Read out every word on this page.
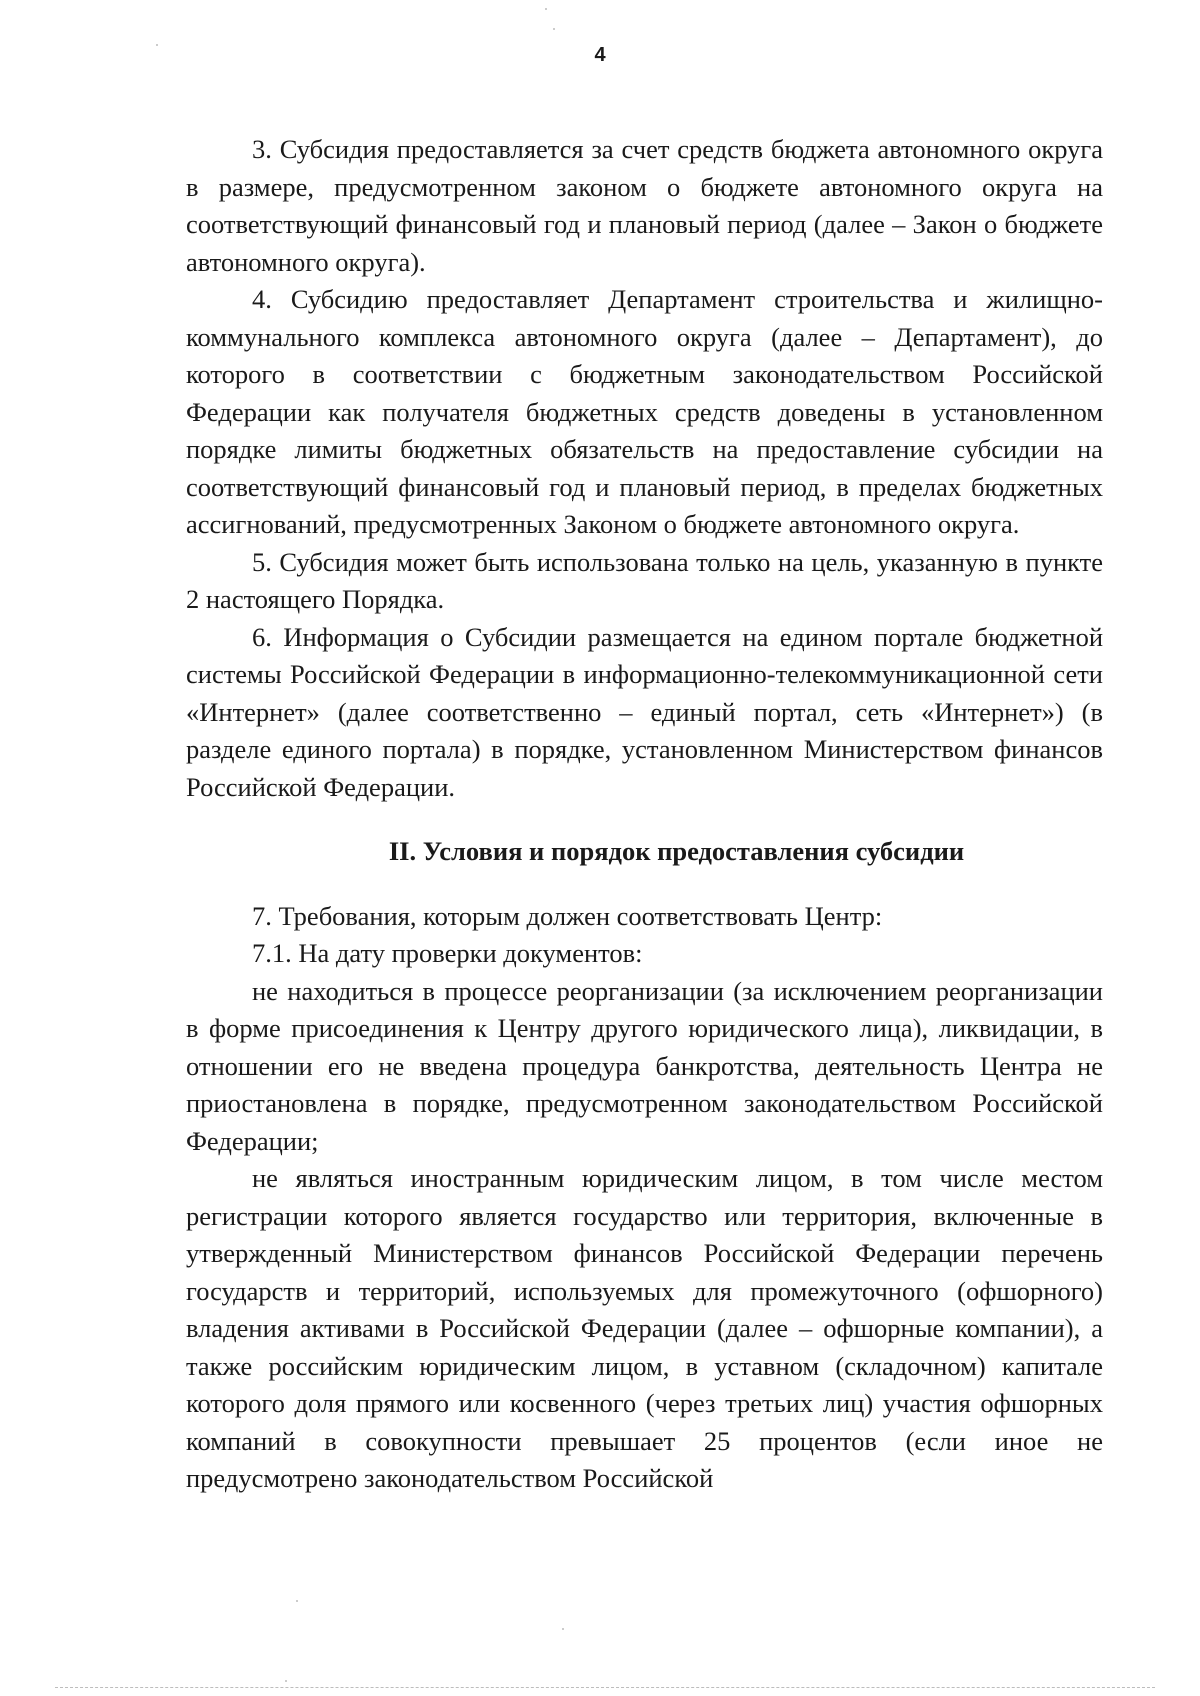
4

3. Субсидия предоставляется за счет средств бюджета автономного округа в размере, предусмотренном законом о бюджете автономного округа на соответствующий финансовый год и плановый период (далее – Закон о бюджете автономного округа).

4. Субсидию предоставляет Департамент строительства и жилищно-коммунального комплекса автономного округа (далее – Департамент), до которого в соответствии с бюджетным законодательством Российской Федерации как получателя бюджетных средств доведены в установленном порядке лимиты бюджетных обязательств на предоставление субсидии на соответствующий финансовый год и плановый период, в пределах бюджетных ассигнований, предусмотренных Законом о бюджете автономного округа.

5. Субсидия может быть использована только на цель, указанную в пункте 2 настоящего Порядка.

6. Информация о Субсидии размещается на едином портале бюджетной системы Российской Федерации в информационно-телекоммуникационной сети «Интернет» (далее соответственно – единый портал, сеть «Интернет») (в разделе единого портала) в порядке, установленном Министерством финансов Российской Федерации.

II. Условия и порядок предоставления субсидии

7. Требования, которым должен соответствовать Центр:

7.1. На дату проверки документов:

не находиться в процессе реорганизации (за исключением реорганизации в форме присоединения к Центру другого юридического лица), ликвидации, в отношении его не введена процедура банкротства, деятельность Центра не приостановлена в порядке, предусмотренном законодательством Российской Федерации;

не являться иностранным юридическим лицом, в том числе местом регистрации которого является государство или территория, включенные в утвержденный Министерством финансов Российской Федерации перечень государств и территорий, используемых для промежуточного (офшорного) владения активами в Российской Федерации (далее – офшорные компании), а также российским юридическим лицом, в уставном (складочном) капитале которого доля прямого или косвенного (через третьих лиц) участия офшорных компаний в совокупности превышает 25 процентов (если иное не предусмотрено законодательством Российской
